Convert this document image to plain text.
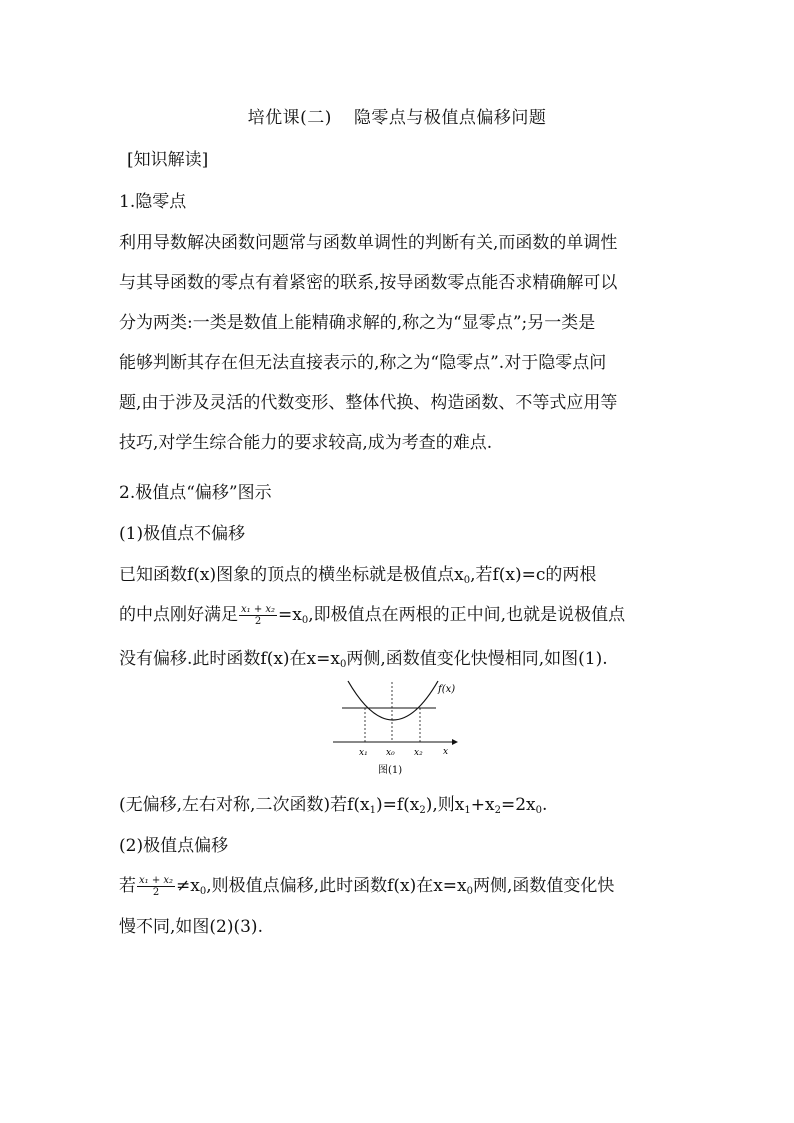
培优课(二) 隐零点与极值点偏移问题
[知识解读]
1.隐零点
利用导数解决函数问题常与函数单调性的判断有关,而函数的单调性
与其导函数的零点有着紧密的联系,按导函数零点能否求精确解可以
分为两类:一类是数值上能精确求解的,称之为“显零点”;另一类是
能够判断其存在但无法直接表示的,称之为“隐零点”.对于隐零点问
题,由于涉及灵活的代数变形、整体代换、构造函数、不等式应用等
技巧,对学生综合能力的要求较高,成为考查的难点.
2.极值点“偏移”图示
(1)极值点不偏移
已知函数f(x)图象的顶点的横坐标就是极值点$x_0$,若f(x)=c的两根
的中点刚好满足 $\frac{\text{x₁ + x₂}}{2} =x_0$,即极值点在两根的正中间,也就是说极值点
没有偏移.此时函数f(x)在$x=x_0$两侧,函数值变化快慢相同,如图(1).
f(x)
x₁ x₀ x₂ x
图(1)
(无偏移,左右对称,二次函数)若$f(x_1)=f(x_2)$,则$x_1+x_2=2x_0$.
(2)极值点偏移
若 $\frac{\text{x₁ + x₂}}{2} \ne x_0$,则极值点偏移,此时函数f(x)在$x=x_0$两侧,函数值变化快
慢不同,如图(2)(3).
